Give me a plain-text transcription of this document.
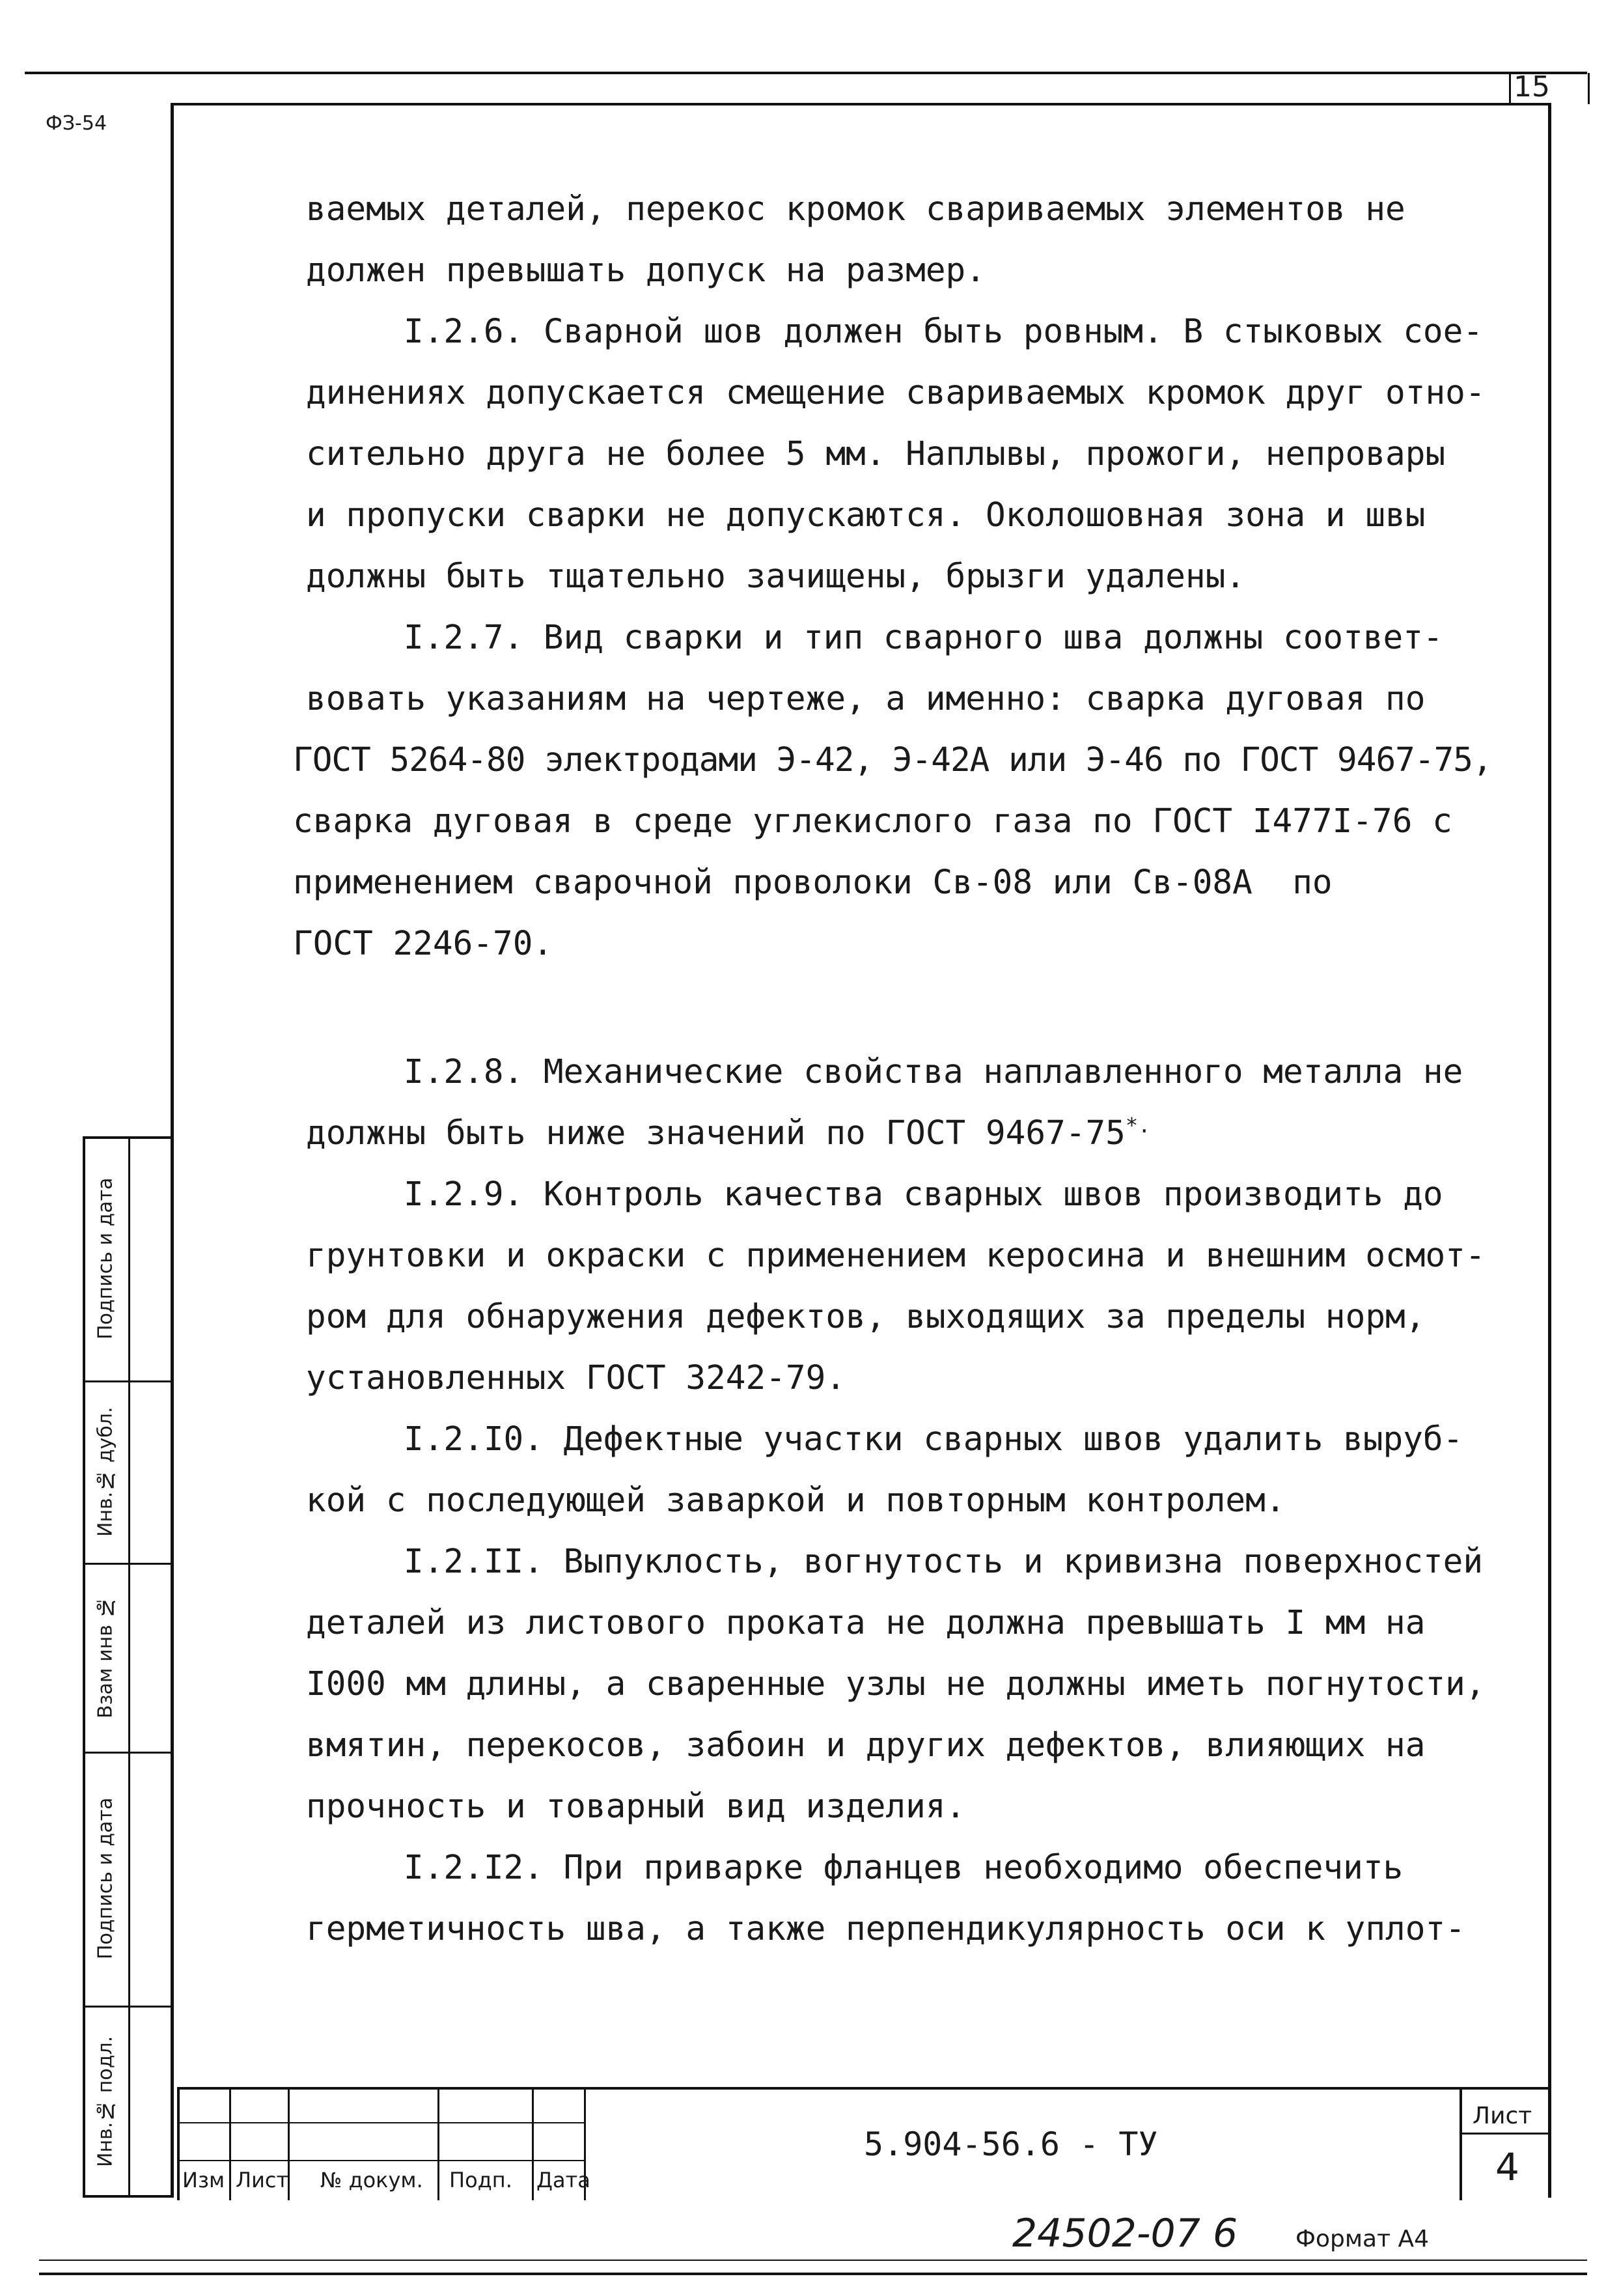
15
ФЗ-54
Подпись и дата
Инв.№ дубл.
Взам инв №
Подпись и дата
Инв.№ подл.

ваемых деталей, перекос кромок свариваемых элементов не

должен превышать допуск на размер.

I.2.6. Сварной шов должен быть ровным. В стыковых сое-

динениях допускается смещение свариваемых кромок друг отно-

сительно друга не более 5 мм. Наплывы, прожоги, непровары

и пропуски сварки не допускаются. Околошовная зона и швы

должны быть тщательно зачищены, брызги удалены.

I.2.7. Вид сварки и тип сварного шва должны соответ-

вовать указаниям на чертеже, а именно: сварка дуговая по

ГОСТ 5264-80 электродами Э-42, Э-42А или Э-46 по ГОСТ 9467-75,

сварка дуговая в среде углекислого газа по ГОСТ I477I-76 с

применением сварочной проволоки Св-08 или Св-08А  по

ГОСТ 2246-70.

I.2.8. Механические свойства наплавленного металла не

должны быть ниже значений по ГОСТ 9467-75*.

I.2.9. Контроль качества сварных швов производить до

грунтовки и окраски с применением керосина и внешним осмот-

ром для обнаружения дефектов, выходящих за пределы норм,

установленных ГОСТ 3242-79.

I.2.I0. Дефектные участки сварных швов удалить выруб-

кой с последующей заваркой и повторным контролем.

I.2.II. Выпуклость, вогнутость и кривизна поверхностей

деталей из листового проката не должна превышать I мм на

I000 мм длины, а сваренные узлы не должны иметь погнутости,

вмятин, перекосов, забоин и других дефектов, влияющих на

прочность и товарный вид изделия.

I.2.I2. При приварке фланцев необходимо обеспечить

герметичность шва, а также перпендикулярность оси к уплот-

Изм Лист № докум. Подп. Дата
5.904-56.6 - ТУ
Лист
4
24502-07 6 Формат А4
